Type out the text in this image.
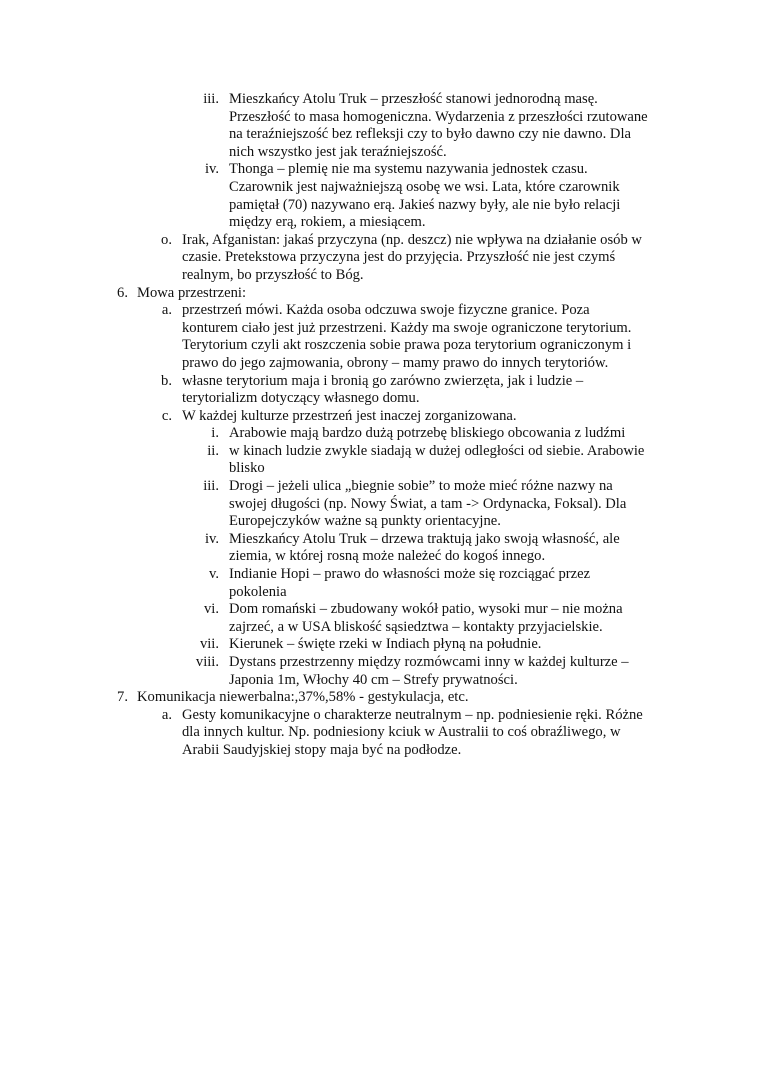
iii. Mieszkańcy Atolu Truk – przeszłość stanowi jednorodną masę.
Przeszłość to masa homogeniczna. Wydarzenia z przeszłości rzutowane
na teraźniejszość bez refleksji czy to było dawno czy nie dawno. Dla
nich wszystko jest jak teraźniejszość.
iv. Thonga – plemię nie ma systemu nazywania jednostek czasu.
Czarownik jest najważniejszą osobę we wsi. Lata, które czarownik
pamiętał (70) nazywano erą. Jakieś nazwy były, ale nie było relacji
między erą, rokiem, a miesiącem.
o. Irak, Afganistan: jakaś przyczyna (np. deszcz) nie wpływa na działanie osób w
czasie. Pretekstowa przyczyna jest do przyjęcia. Przyszłość nie jest czymś
realnym, bo przyszłość to Bóg.
6. Mowa przestrzeni:
a. przestrzeń mówi. Każda osoba odczuwa swoje fizyczne granice. Poza
konturem ciało jest już przestrzeni. Każdy ma swoje ograniczone terytorium.
Terytorium czyli akt roszczenia sobie prawa poza terytorium ograniczonym i
prawo do jego zajmowania, obrony – mamy prawo do innych terytoriów.
b. własne terytorium maja i bronią go zarówno zwierzęta, jak i ludzie –
terytorializm dotyczący własnego domu.
c. W każdej kulturze przestrzeń jest inaczej zorganizowana.
i. Arabowie mają bardzo dużą potrzebę bliskiego obcowania z ludźmi
ii. w kinach ludzie zwykle siadają w dużej odległości od siebie. Arabowie
blisko
iii. Drogi – jeżeli ulica „biegnie sobie” to może mieć różne nazwy na
swojej długości (np. Nowy Świat, a tam -> Ordynacka, Foksal). Dla
Europejczyków ważne są punkty orientacyjne.
iv. Mieszkańcy Atolu Truk – drzewa traktują jako swoją własność, ale
ziemia, w której rosną może należeć do kogoś innego.
v. Indianie Hopi – prawo do własności może się rozciągać przez
pokolenia
vi. Dom romański – zbudowany wokół patio, wysoki mur – nie można
zajrzeć, a w USA bliskość sąsiedztwa – kontakty przyjacielskie.
vii. Kierunek – święte rzeki w Indiach płyną na południe.
viii. Dystans przestrzenny między rozmówcami inny w każdej kulturze –
Japonia 1m, Włochy 40 cm – Strefy prywatności.
7. Komunikacja niewerbalna:,37%,58% - gestykulacja, etc.
a. Gesty komunikacyjne o charakterze neutralnym – np. podniesienie ręki. Różne
dla innych kultur. Np. podniesiony kciuk w Australii to coś obraźliwego, w
Arabii Saudyjskiej stopy maja być na podłodze.
